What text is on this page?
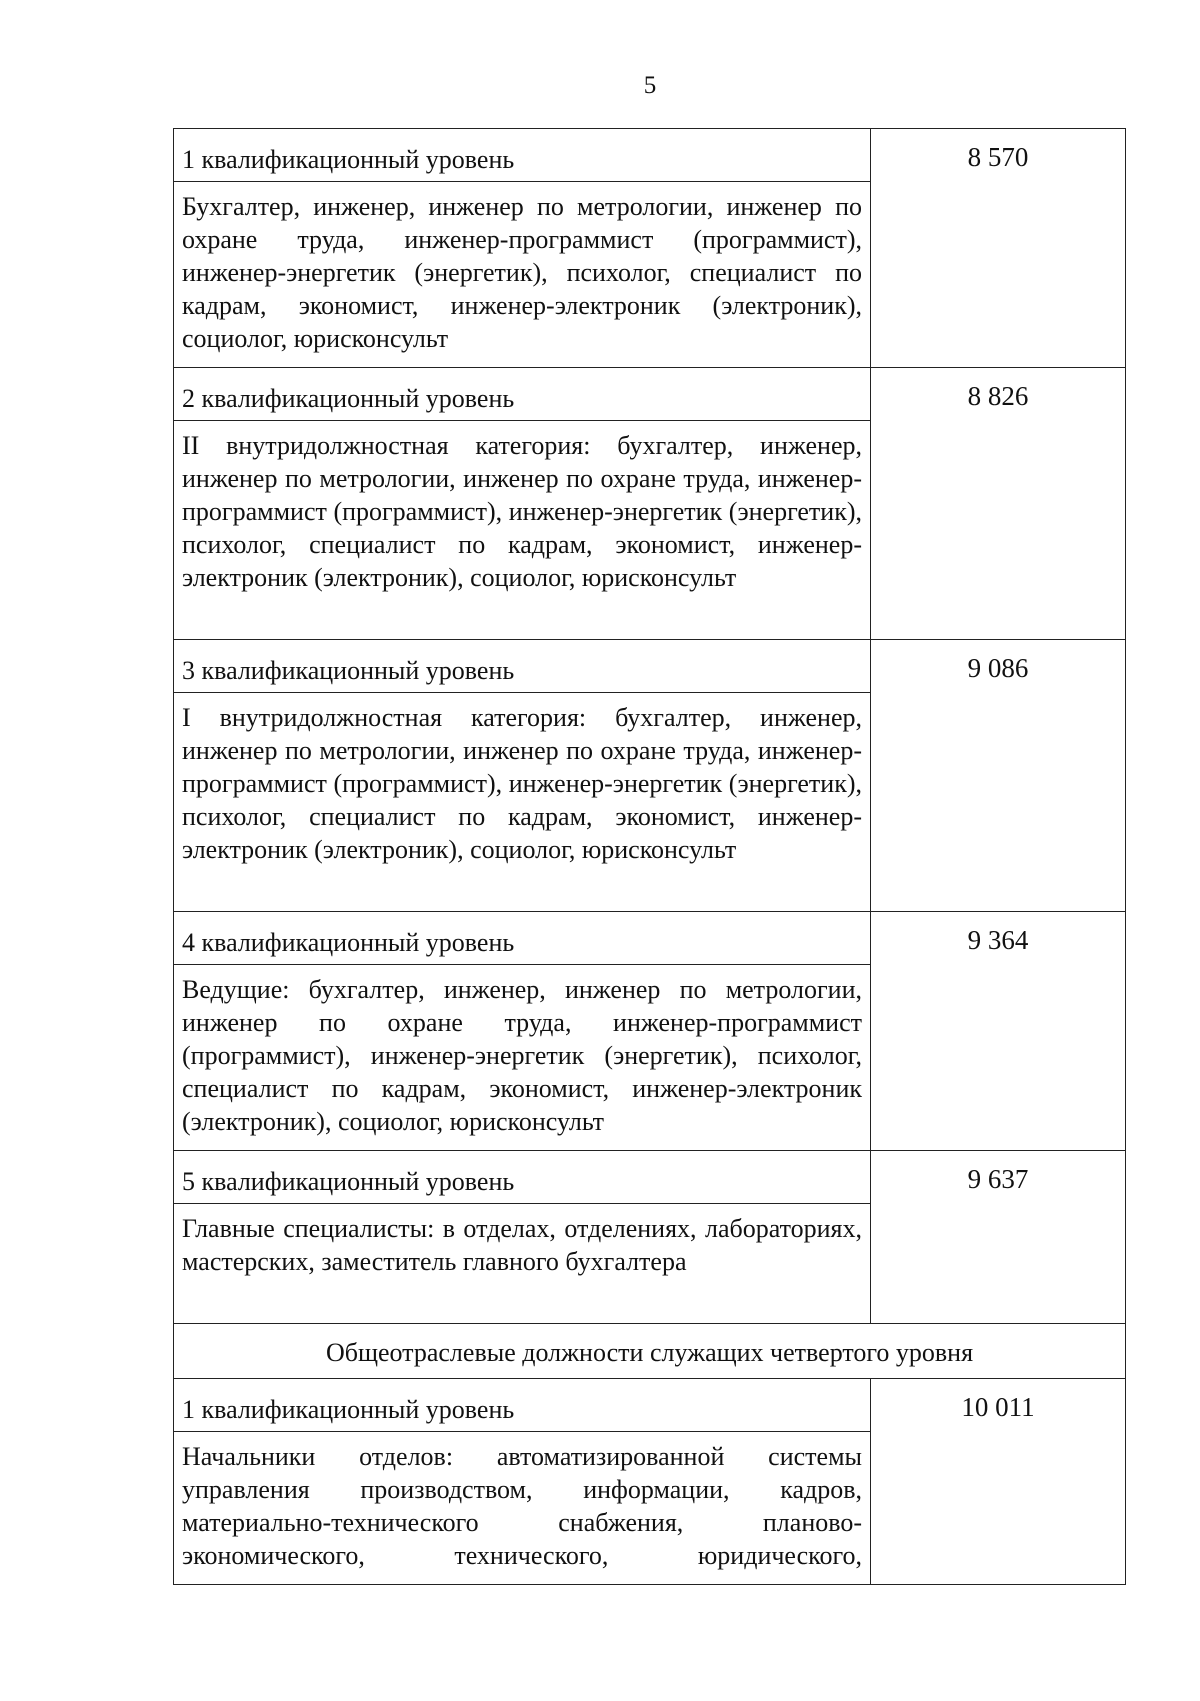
5
1 квалификационный уровень	8 570
Бухгалтер, инженер, инженер по метрологии, инженер по охране труда, инженер-программист (программист), инженер-энергетик (энергетик), психолог, специалист по кадрам, экономист, инженер-электроник (электроник), социолог, юрисконсульт	
2 квалификационный уровень	8 826
II внутридолжностная категория: бухгалтер, инженер, инженер по метрологии, инженер по охране труда, инженер-программист (программист), инженер-энергетик (энергетик), психолог, специалист по кадрам, экономист, инженер-электроник (электроник), социолог, юрисконсульт	
3 квалификационный уровень	9 086
I внутридолжностная категория: бухгалтер, инженер, инженер по метрологии, инженер по охране труда, инженер-программист (программист), инженер-энергетик (энергетик), психолог, специалист по кадрам, экономист, инженер-электроник (электроник), социолог, юрисконсульт	
4 квалификационный уровень	9 364
Ведущие: бухгалтер, инженер, инженер по метрологии, инженер по охране труда, инженер-программист (программист), инженер-энергетик (энергетик), психолог, специалист по кадрам, экономист, инженер-электроник (электроник), социолог, юрисконсульт	
5 квалификационный уровень	9 637
Главные специалисты: в отделах, отделениях, лабораториях, мастерских, заместитель главного бухгалтера	
Общеотраслевые должности служащих четвертого уровня	
1 квалификационный уровень	10 011
Начальники отделов: автоматизированной системы управления производством, информации, кадров, материально-технического снабжения, планово-экономического, технического, юридического,	
